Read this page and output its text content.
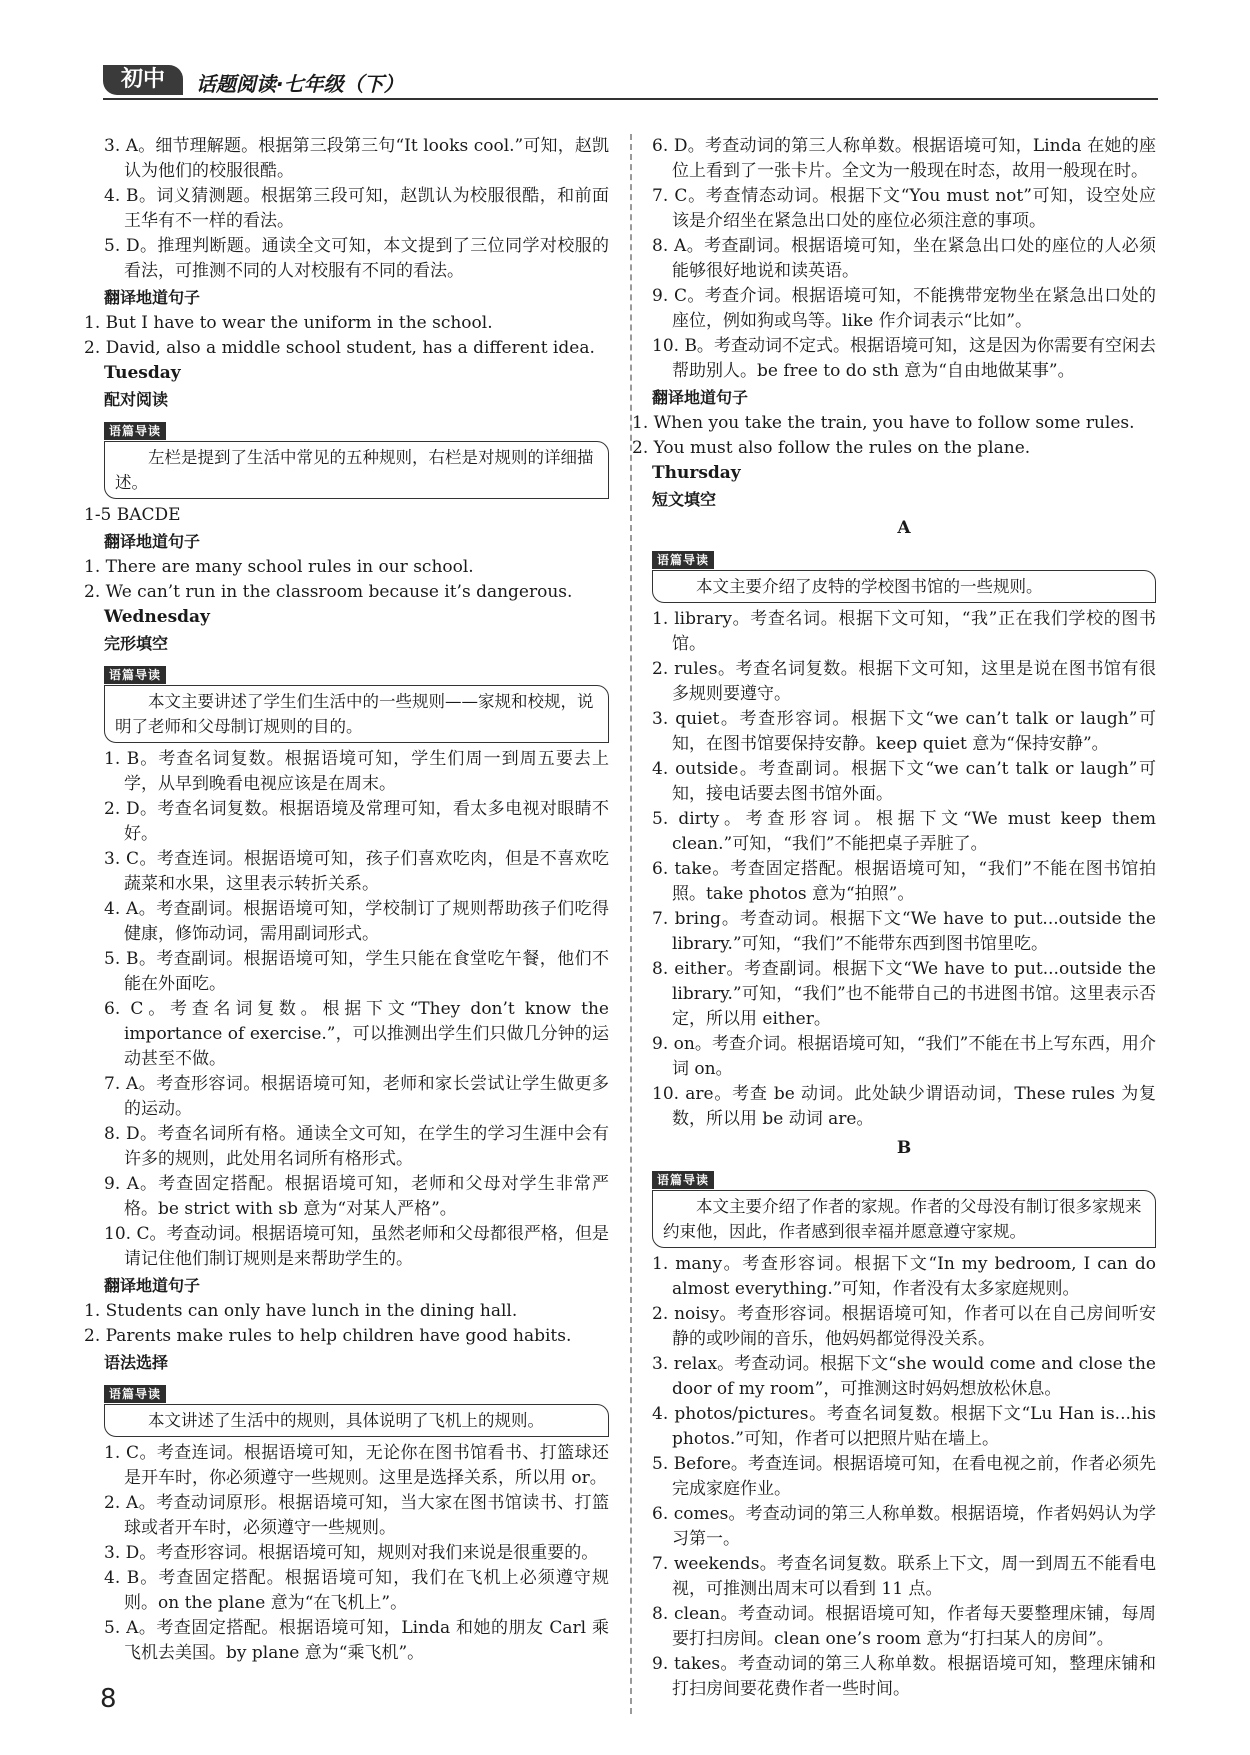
初中	话题阅读·七年级（下）
3. A。细节理解题。根据第三段第三句“It looks cool.”可知，赵凯认为他们的校服很酷。
4. B。词义猜测题。根据第三段可知，赵凯认为校服很酷，和前面王华有不一样的看法。
5. D。推理判断题。通读全文可知，本文提到了三位同学对校服的看法，可推测不同的人对校服有不同的看法。
翻译地道句子
1. But I have to wear the uniform in the school.
2. David, also a middle school student, has a different idea.
Tuesday
配对阅读
语篇导读
左栏是提到了生活中常见的五种规则，右栏是对规则的详细描述。
1-5 BACDE
翻译地道句子
1. There are many school rules in our school.
2. We can’t run in the classroom because it’s dangerous.
Wednesday
完形填空
语篇导读
本文主要讲述了学生们生活中的一些规则——家规和校规，说明了老师和父母制订规则的目的。
1. B。考查名词复数。根据语境可知，学生们周一到周五要去上学，从早到晚看电视应该是在周末。
2. D。考查名词复数。根据语境及常理可知，看太多电视对眼睛不好。
3. C。考查连词。根据语境可知，孩子们喜欢吃肉，但是不喜欢吃蔬菜和水果，这里表示转折关系。
4. A。考查副词。根据语境可知，学校制订了规则帮助孩子们吃得健康，修饰动词，需用副词形式。
5. B。考查副词。根据语境可知，学生只能在食堂吃午餐，他们不能在外面吃。
6. C。考查名词复数。根据下文“They don’t know the importance of exercise.”，可以推测出学生们只做几分钟的运动甚至不做。
7. A。考查形容词。根据语境可知，老师和家长尝试让学生做更多的运动。
8. D。考查名词所有格。通读全文可知，在学生的学习生涯中会有许多的规则，此处用名词所有格形式。
9. A。考查固定搭配。根据语境可知，老师和父母对学生非常严格。be strict with sb 意为“对某人严格”。
10. C。考查动词。根据语境可知，虽然老师和父母都很严格，但是请记住他们制订规则是来帮助学生的。
翻译地道句子
1. Students can only have lunch in the dining hall.
2. Parents make rules to help children have good habits.
语法选择
语篇导读
本文讲述了生活中的规则，具体说明了飞机上的规则。
1. C。考查连词。根据语境可知，无论你在图书馆看书、打篮球还是开车时，你必须遵守一些规则。这里是选择关系，所以用 or。
2. A。考查动词原形。根据语境可知，当大家在图书馆读书、打篮球或者开车时，必须遵守一些规则。
3. D。考查形容词。根据语境可知，规则对我们来说是很重要的。
4. B。考查固定搭配。根据语境可知，我们在飞机上必须遵守规则。on the plane 意为“在飞机上”。
5. A。考查固定搭配。根据语境可知，Linda 和她的朋友 Carl 乘飞机去美国。by plane 意为“乘飞机”。
6. D。考查动词的第三人称单数。根据语境可知，Linda 在她的座位上看到了一张卡片。全文为一般现在时态，故用一般现在时。
7. C。考查情态动词。根据下文“You must not”可知，设空处应该是介绍坐在紧急出口处的座位必须注意的事项。
8. A。考查副词。根据语境可知，坐在紧急出口处的座位的人必须能够很好地说和读英语。
9. C。考查介词。根据语境可知，不能携带宠物坐在紧急出口处的座位，例如狗或鸟等。like 作介词表示“比如”。
10. B。考查动词不定式。根据语境可知，这是因为你需要有空闲去帮助别人。be free to do sth 意为“自由地做某事”。
翻译地道句子
1. When you take the train, you have to follow some rules.
2. You must also follow the rules on the plane.
Thursday
短文填空
A
语篇导读
本文主要介绍了皮特的学校图书馆的一些规则。
1. library。考查名词。根据下文可知，“我”正在我们学校的图书馆。
2. rules。考查名词复数。根据下文可知，这里是说在图书馆有很多规则要遵守。
3. quiet。考查形容词。根据下文“we can’t talk or laugh”可知，在图书馆要保持安静。keep quiet 意为“保持安静”。
4. outside。考查副词。根据下文“we can’t talk or laugh”可知，接电话要去图书馆外面。
5. dirty。考查形容词。根据下文“We must keep them clean.”可知，“我们”不能把桌子弄脏了。
6. take。考查固定搭配。根据语境可知，“我们”不能在图书馆拍照。take photos 意为“拍照”。
7. bring。考查动词。根据下文“We have to put...outside the library.”可知，“我们”不能带东西到图书馆里吃。
8. either。考查副词。根据下文“We have to put...outside the library.”可知，“我们”也不能带自己的书进图书馆。这里表示否定，所以用 either。
9. on。考查介词。根据语境可知，“我们”不能在书上写东西，用介词 on。
10. are。考查 be 动词。此处缺少谓语动词，These rules 为复数，所以用 be 动词 are。
B
语篇导读
本文主要介绍了作者的家规。作者的父母没有制订很多家规来约束他，因此，作者感到很幸福并愿意遵守家规。
1. many。考查形容词。根据下文“In my bedroom, I can do almost everything.”可知，作者没有太多家庭规则。
2. noisy。考查形容词。根据语境可知，作者可以在自己房间听安静的或吵闹的音乐，他妈妈都觉得没关系。
3. relax。考查动词。根据下文“she would come and close the door of my room”，可推测这时妈妈想放松休息。
4. photos/pictures。考查名词复数。根据下文“Lu Han is...his photos.”可知，作者可以把照片贴在墙上。
5. Before。考查连词。根据语境可知，在看电视之前，作者必须先完成家庭作业。
6. comes。考查动词的第三人称单数。根据语境，作者妈妈认为学习第一。
7. weekends。考查名词复数。联系上下文，周一到周五不能看电视，可推测出周末可以看到 11 点。
8. clean。考查动词。根据语境可知，作者每天要整理床铺，每周要打扫房间。clean one’s room 意为“打扫某人的房间”。
9. takes。考查动词的第三人称单数。根据语境可知，整理床铺和打扫房间要花费作者一些时间。
8
